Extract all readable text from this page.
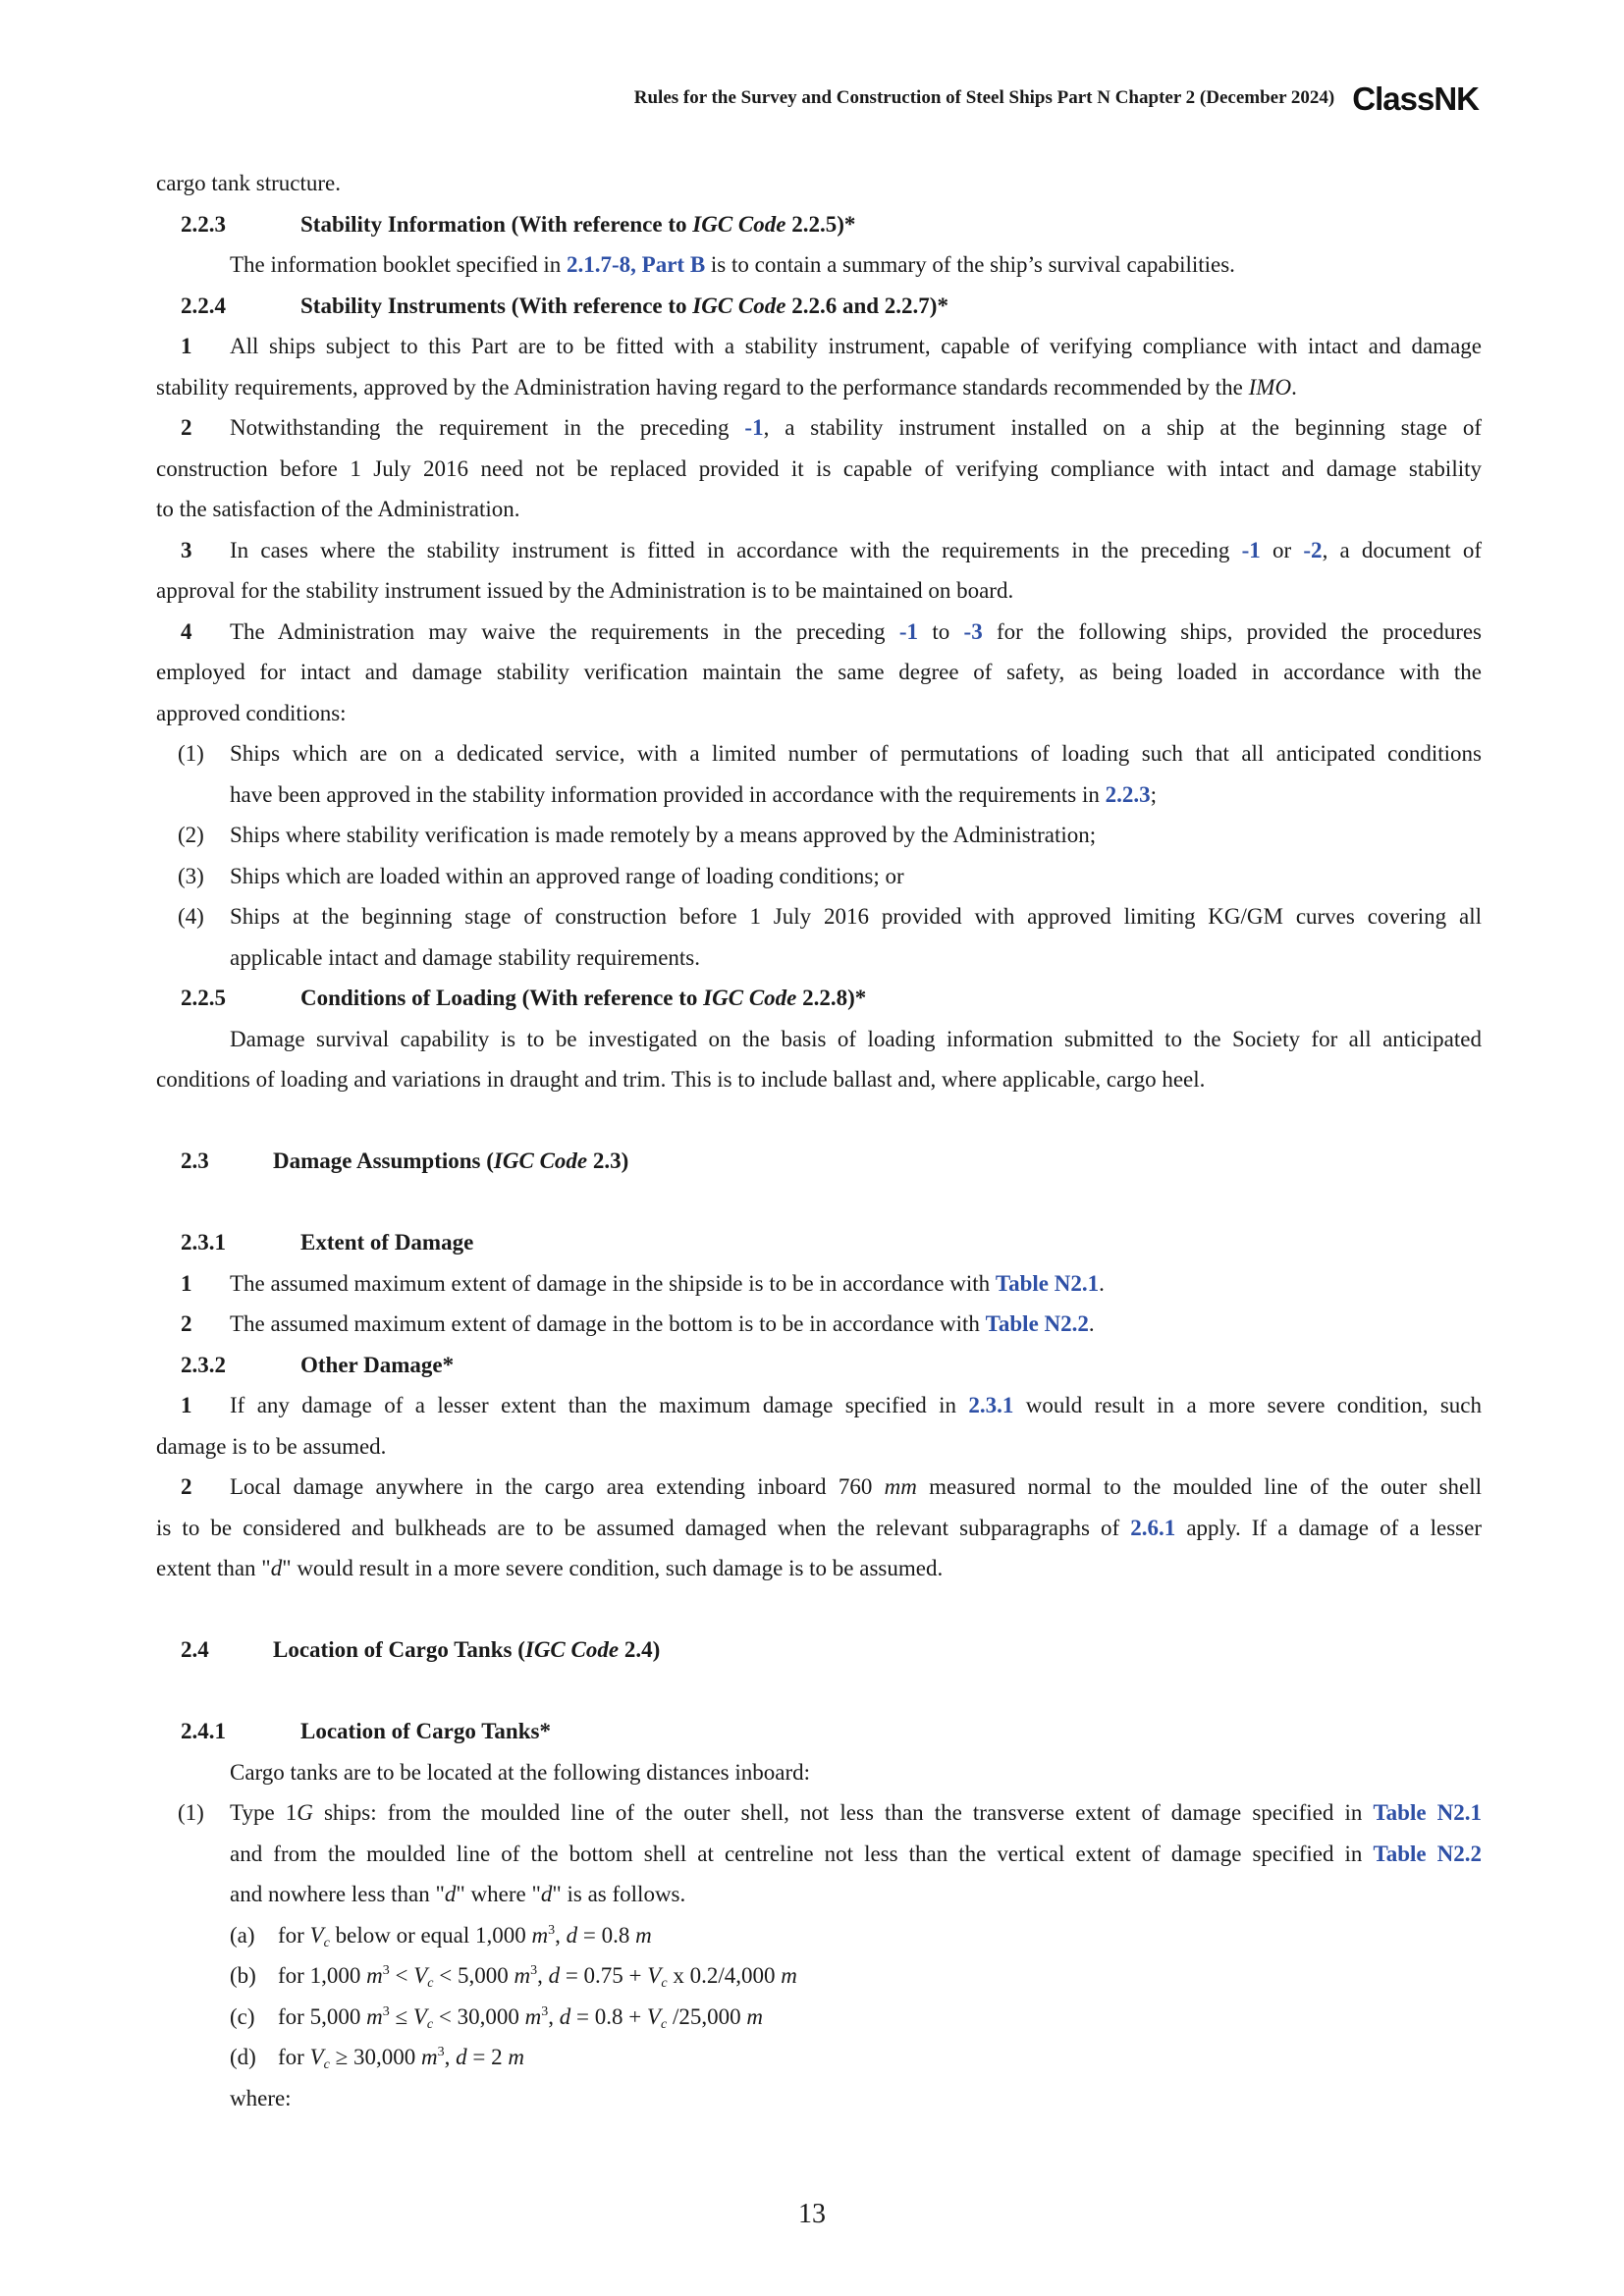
Rules for the Survey and Construction of Steel Ships Part N Chapter 2 (December 2024) ClassNK
cargo tank structure.
2.2.3	Stability Information (With reference to IGC Code 2.2.5)*
The information booklet specified in 2.1.7-8, Part B is to contain a summary of the ship’s survival capabilities.
2.2.4	Stability Instruments (With reference to IGC Code 2.2.6 and 2.2.7)*
1 All ships subject to this Part are to be fitted with a stability instrument, capable of verifying compliance with intact and damage
stability requirements, approved by the Administration having regard to the performance standards recommended by the IMO.
2 Notwithstanding the requirement in the preceding -1, a stability instrument installed on a ship at the beginning stage of
construction before 1 July 2016 need not be replaced provided it is capable of verifying compliance with intact and damage stability
to the satisfaction of the Administration.
3 In cases where the stability instrument is fitted in accordance with the requirements in the preceding -1 or -2, a document of
approval for the stability instrument issued by the Administration is to be maintained on board.
4 The Administration may waive the requirements in the preceding -1 to -3 for the following ships, provided the procedures
employed for intact and damage stability verification maintain the same degree of safety, as being loaded in accordance with the
approved conditions:
(1) Ships which are on a dedicated service, with a limited number of permutations of loading such that all anticipated conditions
have been approved in the stability information provided in accordance with the requirements in 2.2.3;
(2) Ships where stability verification is made remotely by a means approved by the Administration;
(3) Ships which are loaded within an approved range of loading conditions; or
(4) Ships at the beginning stage of construction before 1 July 2016 provided with approved limiting KG/GM curves covering all
applicable intact and damage stability requirements.
2.2.5	Conditions of Loading (With reference to IGC Code 2.2.8)*
Damage survival capability is to be investigated on the basis of loading information submitted to the Society for all anticipated
conditions of loading and variations in draught and trim. This is to include ballast and, where applicable, cargo heel.
2.3	Damage Assumptions (IGC Code 2.3)
2.3.1	Extent of Damage
1 The assumed maximum extent of damage in the shipside is to be in accordance with Table N2.1.
2 The assumed maximum extent of damage in the bottom is to be in accordance with Table N2.2.
2.3.2	Other Damage*
1 If any damage of a lesser extent than the maximum damage specified in 2.3.1 would result in a more severe condition, such
damage is to be assumed.
2 Local damage anywhere in the cargo area extending inboard 760 mm measured normal to the moulded line of the outer shell
is to be considered and bulkheads are to be assumed damaged when the relevant subparagraphs of 2.6.1 apply. If a damage of a lesser
extent than "d" would result in a more severe condition, such damage is to be assumed.
2.4	Location of Cargo Tanks (IGC Code 2.4)
2.4.1	Location of Cargo Tanks*
Cargo tanks are to be located at the following distances inboard:
(1) Type 1G ships: from the moulded line of the outer shell, not less than the transverse extent of damage specified in Table N2.1
and from the moulded line of the bottom shell at centreline not less than the vertical extent of damage specified in Table N2.2
and nowhere less than "d" where "d" is as follows.
(a) for $V_c$ below or equal 1,000 $m^3$, d = 0.8 m
(b) for 1,000 $m^3 < V_c < 5,000$ $m^3$, $d = 0.75 + V_c$ x 0.2/4,000 m
(c) for 5,000 $m^3 \le V_c < 30,000$ $m^3$, $d = 0.8 + V_c$ /25,000 m
(d) for $V_c \ge 30,000$ $m^3$, d = 2 m
where:
13
